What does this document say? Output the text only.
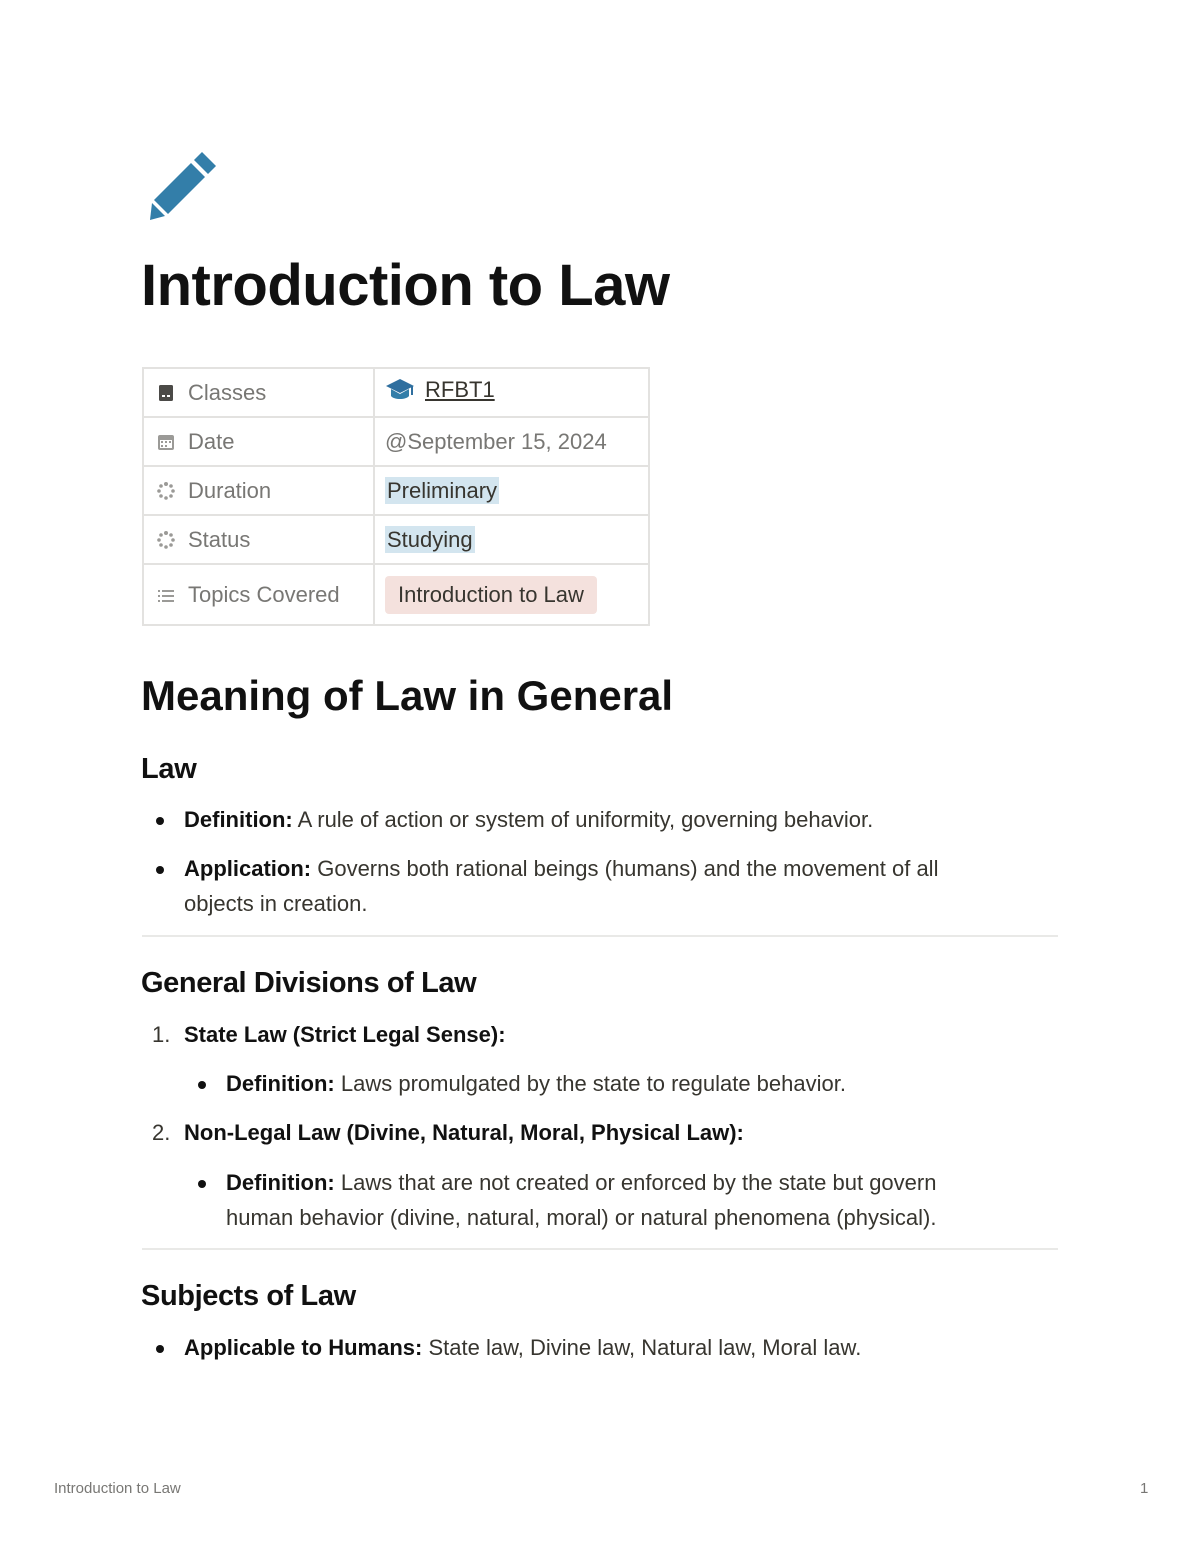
Introduction to Law
Classes	RFBT1

Date	@September 15, 2024

Duration	Preliminary

Status	Studying

Topics Covered	Introduction to Law
Meaning of Law in General
Law
Definition: A rule of action or system of uniformity, governing behavior.
Application: Governs both rational beings (humans) and the movement of all
objects in creation.
General Divisions of Law
1. State Law (Strict Legal Sense):
Definition: Laws promulgated by the state to regulate behavior.
2. Non-Legal Law (Divine, Natural, Moral, Physical Law):
Definition: Laws that are not created or enforced by the state but govern
human behavior (divine, natural, moral) or natural phenomena (physical).
Subjects of Law
Applicable to Humans: State law, Divine law, Natural law, Moral law.
Introduction to Law	1
